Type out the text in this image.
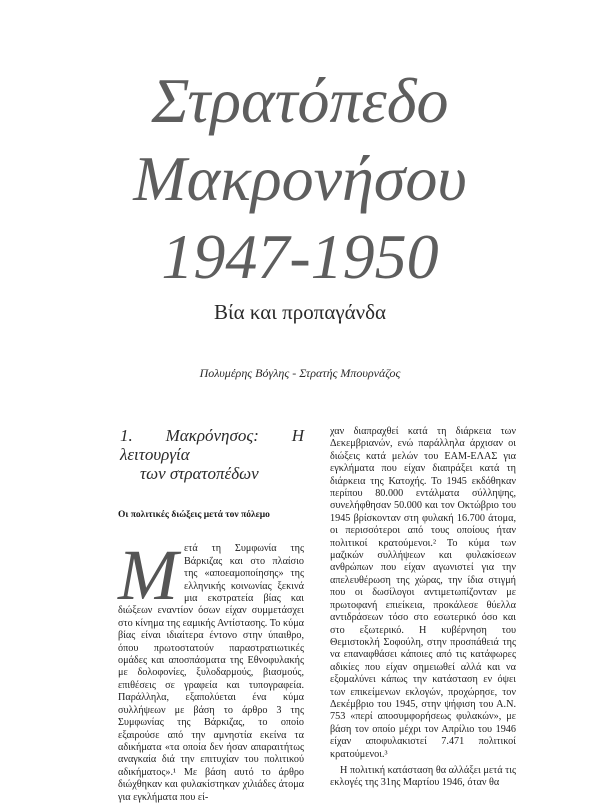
Στρατόπεδο
Μακρονήσου
1947-1950
Βία και προπαγάνδα
Πολυμέρης Βόγλης - Στρατής Μπουρνάζος
1. Μακρόνησος: Η λειτουργία
των στρατοπέδων
Οι πολιτικές διώξεις μετά τον πόλεμο

Μετά τη Συμφωνία της Βάρκιζας και στο πλαίσιο της «αποεαμοποίησης» της ελληνικής κοινωνίας ξεκινά μια εκστρατεία βίας και διώξεων εναντίον όσων είχαν συμμετάσχει στο κίνημα της εαμικής Αντίστασης. Το κύμα βίας είναι ιδιαίτερα έντονο στην ύπαιθρο, όπου πρωτοστατούν παραστρατιωτικές ομάδες και αποσπάσματα της Εθνοφυλακής με δολοφονίες, ξυλοδαρμούς, βιασμούς, επιθέσεις σε γραφεία και τυπογραφεία. Παράλληλα, εξαπολύεται ένα κύμα συλλήψεων με βάση το άρθρο 3 της Συμφωνίας της Βάρκιζας, το οποίο εξαιρούσε από την αμνηστία εκείνα τα αδικήματα «τα οποία δεν ήσαν απαραιτήτως αναγκαία διά την επιτυχίαν του πολιτικού αδικήματος».¹ Με βάση αυτό το άρθρο διώχθηκαν και φυλακίστηκαν χιλιάδες άτομα για εγκλήματα που εί-

χαν διαπραχθεί κατά τη διάρκεια των Δεκεμβριανών, ενώ παράλληλα άρχισαν οι διώξεις κατά μελών του ΕΑΜ-ΕΛΑΣ για εγκλήματα που είχαν διαπράξει κατά τη διάρκεια της Κατοχής. Το 1945 εκδόθηκαν περίπου 80.000 εντάλματα σύλληψης, συνελήφθησαν 50.000 και τον Οκτώβριο του 1945 βρίσκονταν στη φυλακή 16.700 άτομα, οι περισσότεροι από τους οποίους ήταν πολιτικοί κρατούμενοι.² Το κύμα των μαζικών συλλήψεων και φυλακίσεων ανθρώπων που είχαν αγωνιστεί για την απελευθέρωση της χώρας, την ίδια στιγμή που οι δωσίλογοι αντιμετωπίζονταν με πρωτοφανή επιείκεια, προκάλεσε θύελλα αντιδράσεων τόσο στο εσωτερικό όσο και στο εξωτερικό. Η κυβέρνηση του Θεμιστοκλή Σοφούλη, στην προσπάθειά της να επαναφθάσει κάποιες από τις κατάφωρες αδικίες που είχαν σημειωθεί αλλά και να εξομαλύνει κάπως την κατάσταση εν όψει των επικείμενων εκλογών, προχώρησε, τον Δεκέμβριο του 1945, στην ψήφιση του Α.Ν. 753 «περί αποσυμφορήσεως φυλακών», με βάση τον οποίο μέχρι τον Απρίλιο του 1946 είχαν αποφυλακιστεί 7.471 πολιτικοί κρατούμενοι.³

Η πολιτική κατάσταση θα αλλάξει μετά τις εκλογές της 31ης Μαρτίου 1946, όταν θα
